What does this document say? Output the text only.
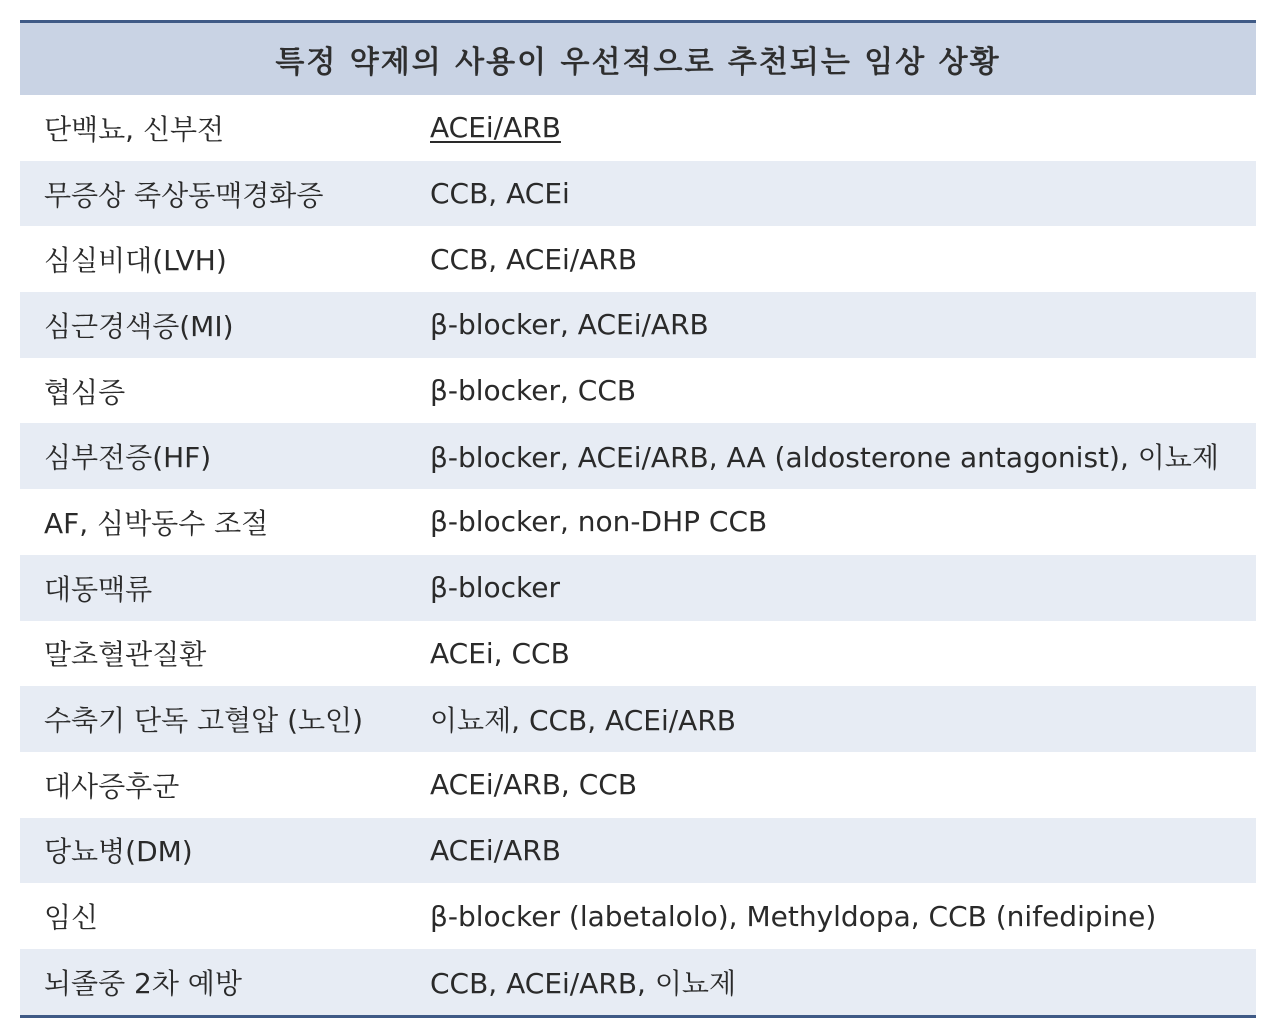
특정 약제의 사용이 우선적으로 추천되는 임상 상황
단백뇨, 신부전	ACEi/ARB
무증상 죽상동맥경화증	CCB, ACEi
심실비대(LVH)	CCB, ACEi/ARB
심근경색증(MI)	β-blocker, ACEi/ARB
협심증	β-blocker, CCB
심부전증(HF)	β-blocker, ACEi/ARB, AA (aldosterone antagonist), 이뇨제
AF, 심박동수 조절	β-blocker, non-DHP CCB
대동맥류	β-blocker
말초혈관질환	ACEi, CCB
수축기 단독 고혈압 (노인)	이뇨제, CCB, ACEi/ARB
대사증후군	ACEi/ARB, CCB
당뇨병(DM)	ACEi/ARB
임신	β-blocker (labetalolo), Methyldopa, CCB (nifedipine)
뇌졸중 2차 예방	CCB, ACEi/ARB, 이뇨제
